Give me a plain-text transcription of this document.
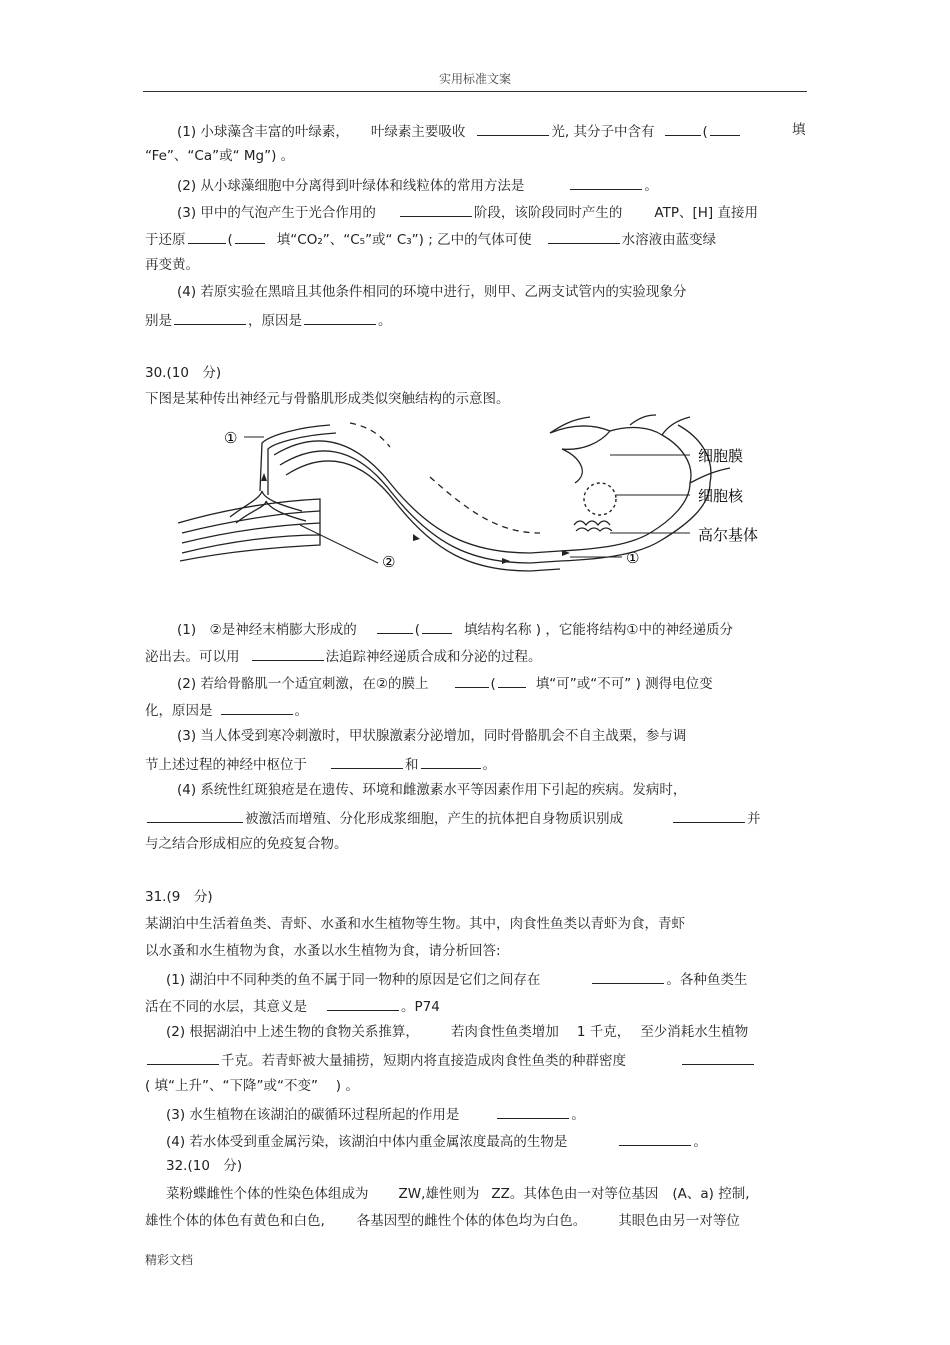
实用标准文案
(1) 小球藻含丰富的叶绿素， 叶绿素主要吸收	光, 其分子中含有	(	填
“Fe”、“Ca”或“ Mg”) 。
(2) 从小球藻细胞中分离得到叶绿体和线粒体的常用方法是	。
(3) 甲中的气泡产生于光合作用的	阶段，该阶段同时产生的 ATP、[H] 直接用
于还原	(	填“CO₂”、“C₅”或“ C₃”) ; 乙中的气体可使	水溶液由蓝变绿
再变黄。
(4) 若原实验在黑暗且其他条件相同的环境中进行，则甲、乙两支试管内的实验现象分
别是	，原因是	。
30.(10　分)
下图是某种传出神经元与骨骼肌形成类似突触结构的示意图。
①
②	①
细胞膜
细胞核
高尔基体
(1)　②是神经末梢膨大形成的	(	填结构名称 ) ，它能将结构①中的神经递质分
泌出去。可以用	法追踪神经递质合成和分泌的过程。
(2) 若给骨骼肌一个适宜刺激，在②的膜上	(	填“可”或“不可” ) 测得电位变
化，原因是	。
(3) 当人体受到寒冷刺激时，甲状腺激素分泌增加，同时骨骼肌会不自主战栗，参与调
节上述过程的神经中枢位于	和	。
(4) 系统性红斑狼疮是在遗传、环境和雌激素水平等因素作用下引起的疾病。发病时，
被激活而增殖、分化形成浆细胞，产生的抗体把自身物质识别成	并
与之结合形成相应的免疫复合物。
31.(9　分)
某湖泊中生活着鱼类、青虾、水蚤和水生植物等生物。其中，肉食性鱼类以青虾为食，青虾
以水蚤和水生植物为食，水蚤以水生植物为食，请分析回答:
(1) 湖泊中不同种类的鱼不属于同一物种的原因是它们之间存在	。各种鱼类生
活在不同的水层，其意义是	。P74
(2) 根据湖泊中上述生物的食物关系推算， 若肉食性鱼类增加 1 千克， 至少消耗水生植物
千克。若青虾被大量捕捞，短期内将直接造成肉食性鱼类的种群密度
( 填“上升”、“下降”或“不变”　 ) 。
(3) 水生植物在该湖泊的碳循环过程所起的作用是	。
(4) 若水体受到重金属污染，该湖泊中体内重金属浓度最高的生物是	。
32.(10　分)
菜粉蝶雌性个体的性染色体组成为 ZW,雄性则为 ZZ。其体色由一对等位基因 (A、a) 控制,
雄性个体的体色有黄色和白色, 各基因型的雌性个体的体色均为白色。 其眼色由另一对等位
精彩文档
